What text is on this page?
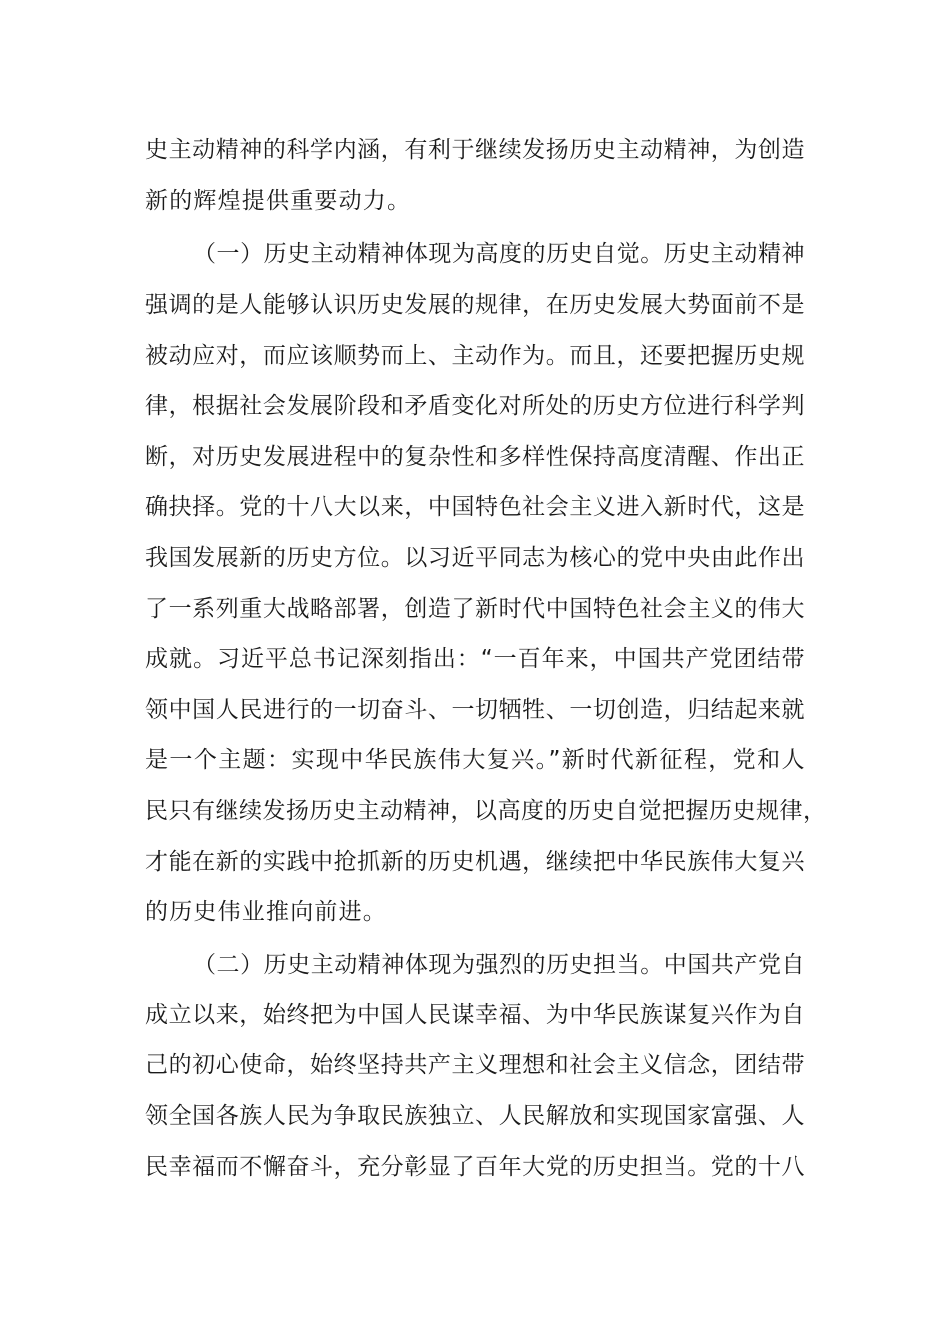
史主动精神的科学内涵，有利于继续发扬历史主动精神，为创造
新的辉煌提供重要动力。
（一）历史主动精神体现为高度的历史自觉。历史主动精神
强调的是人能够认识历史发展的规律，在历史发展大势面前不是
被动应对，而应该顺势而上、主动作为。而且，还要把握历史规
律，根据社会发展阶段和矛盾变化对所处的历史方位进行科学判
断，对历史发展进程中的复杂性和多样性保持高度清醒、作出正
确抉择。党的十八大以来，中国特色社会主义进入新时代，这是
我国发展新的历史方位。以习近平同志为核心的党中央由此作出
了一系列重大战略部署，创造了新时代中国特色社会主义的伟大
成就。习近平总书记深刻指出：“一百年来，中国共产党团结带
领中国人民进行的一切奋斗、一切牺牲、一切创造，归结起来就
是一个主题：实现中华民族伟大复兴。”新时代新征程，党和人
民只有继续发扬历史主动精神，以高度的历史自觉把握历史规律，
才能在新的实践中抢抓新的历史机遇，继续把中华民族伟大复兴
的历史伟业推向前进。
（二）历史主动精神体现为强烈的历史担当。中国共产党自
成立以来，始终把为中国人民谋幸福、为中华民族谋复兴作为自
己的初心使命，始终坚持共产主义理想和社会主义信念，团结带
领全国各族人民为争取民族独立、人民解放和实现国家富强、人
民幸福而不懈奋斗，充分彰显了百年大党的历史担当。党的十八
